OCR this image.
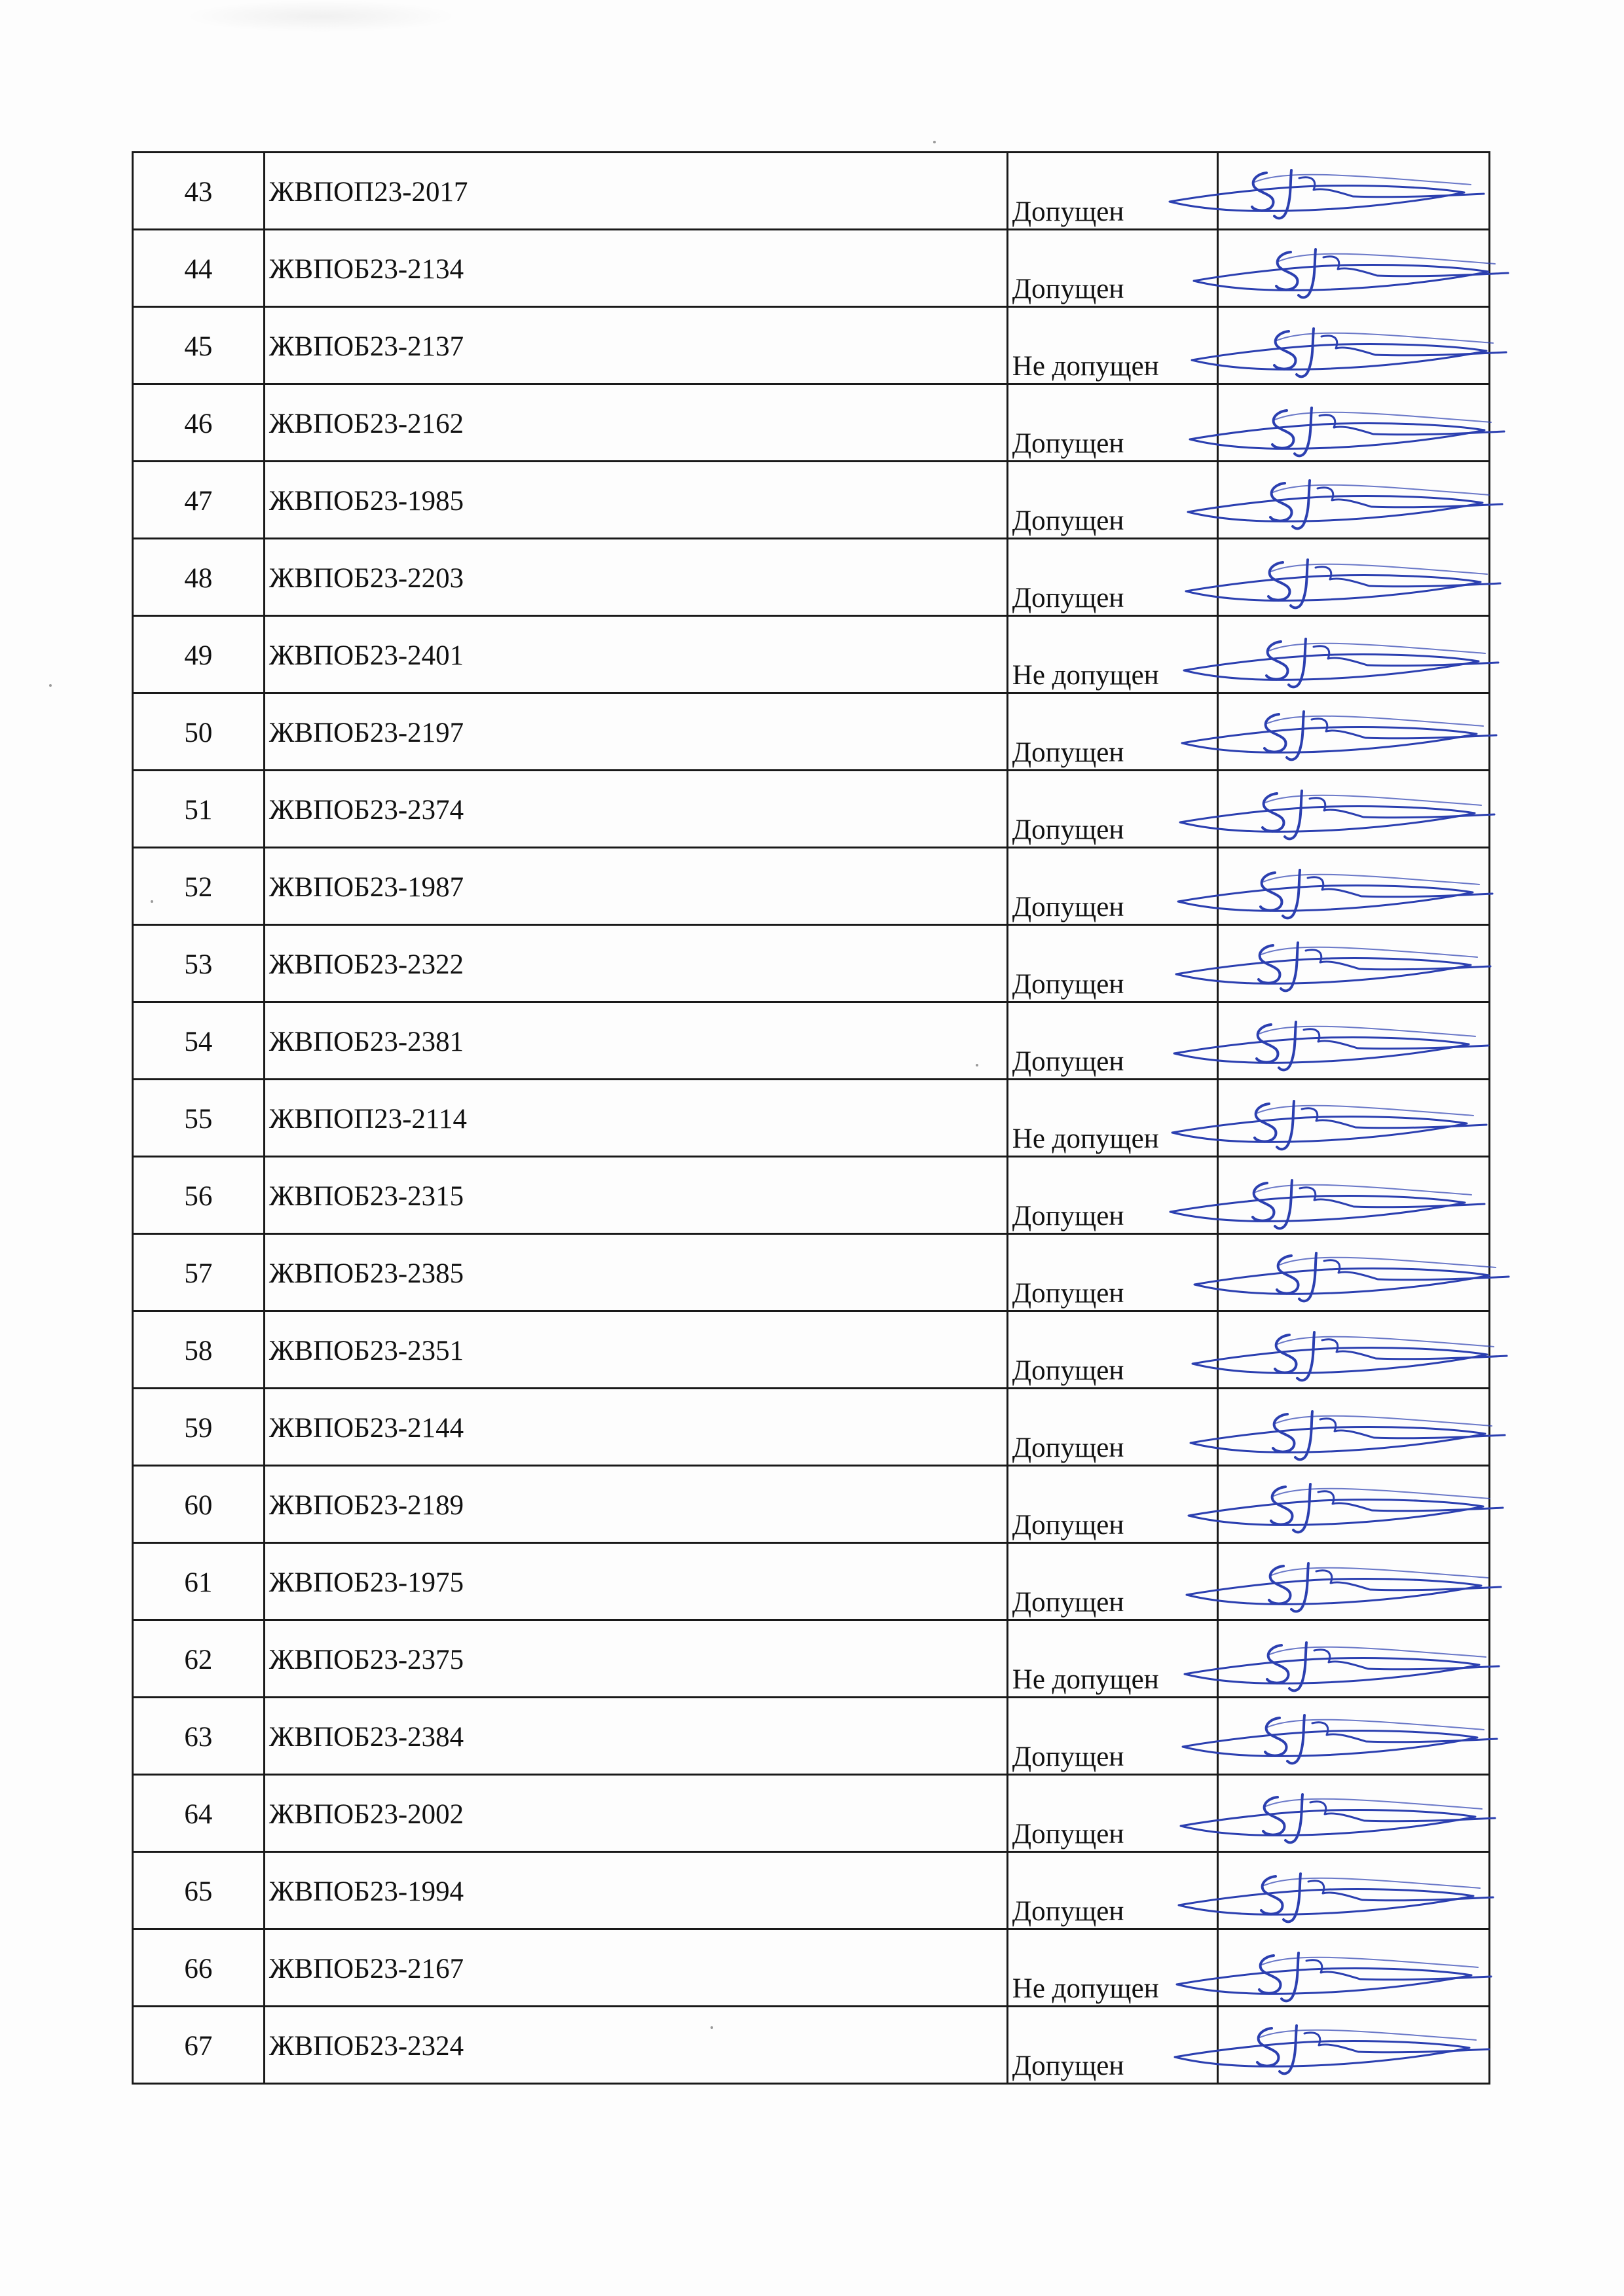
43	ЖВПОП23-2017	Допущен	

44	ЖВПОБ23-2134	Допущен	

45	ЖВПОБ23-2137	Не допущен	

46	ЖВПОБ23-2162	Допущен	

47	ЖВПОБ23-1985	Допущен	

48	ЖВПОБ23-2203	Допущен	

49	ЖВПОБ23-2401	Не допущен	

50	ЖВПОБ23-2197	Допущен	

51	ЖВПОБ23-2374	Допущен	

52	ЖВПОБ23-1987	Допущен	

53	ЖВПОБ23-2322	Допущен	

54	ЖВПОБ23-2381	Допущен	

55	ЖВПОП23-2114	Не допущен	

56	ЖВПОБ23-2315	Допущен	

57	ЖВПОБ23-2385	Допущен	

58	ЖВПОБ23-2351	Допущен	

59	ЖВПОБ23-2144	Допущен	

60	ЖВПОБ23-2189	Допущен	

61	ЖВПОБ23-1975	Допущен	

62	ЖВПОБ23-2375	Не допущен	

63	ЖВПОБ23-2384	Допущен	

64	ЖВПОБ23-2002	Допущен	

65	ЖВПОБ23-1994	Допущен	

66	ЖВПОБ23-2167	Не допущен	

67	ЖВПОБ23-2324	Допущен	
